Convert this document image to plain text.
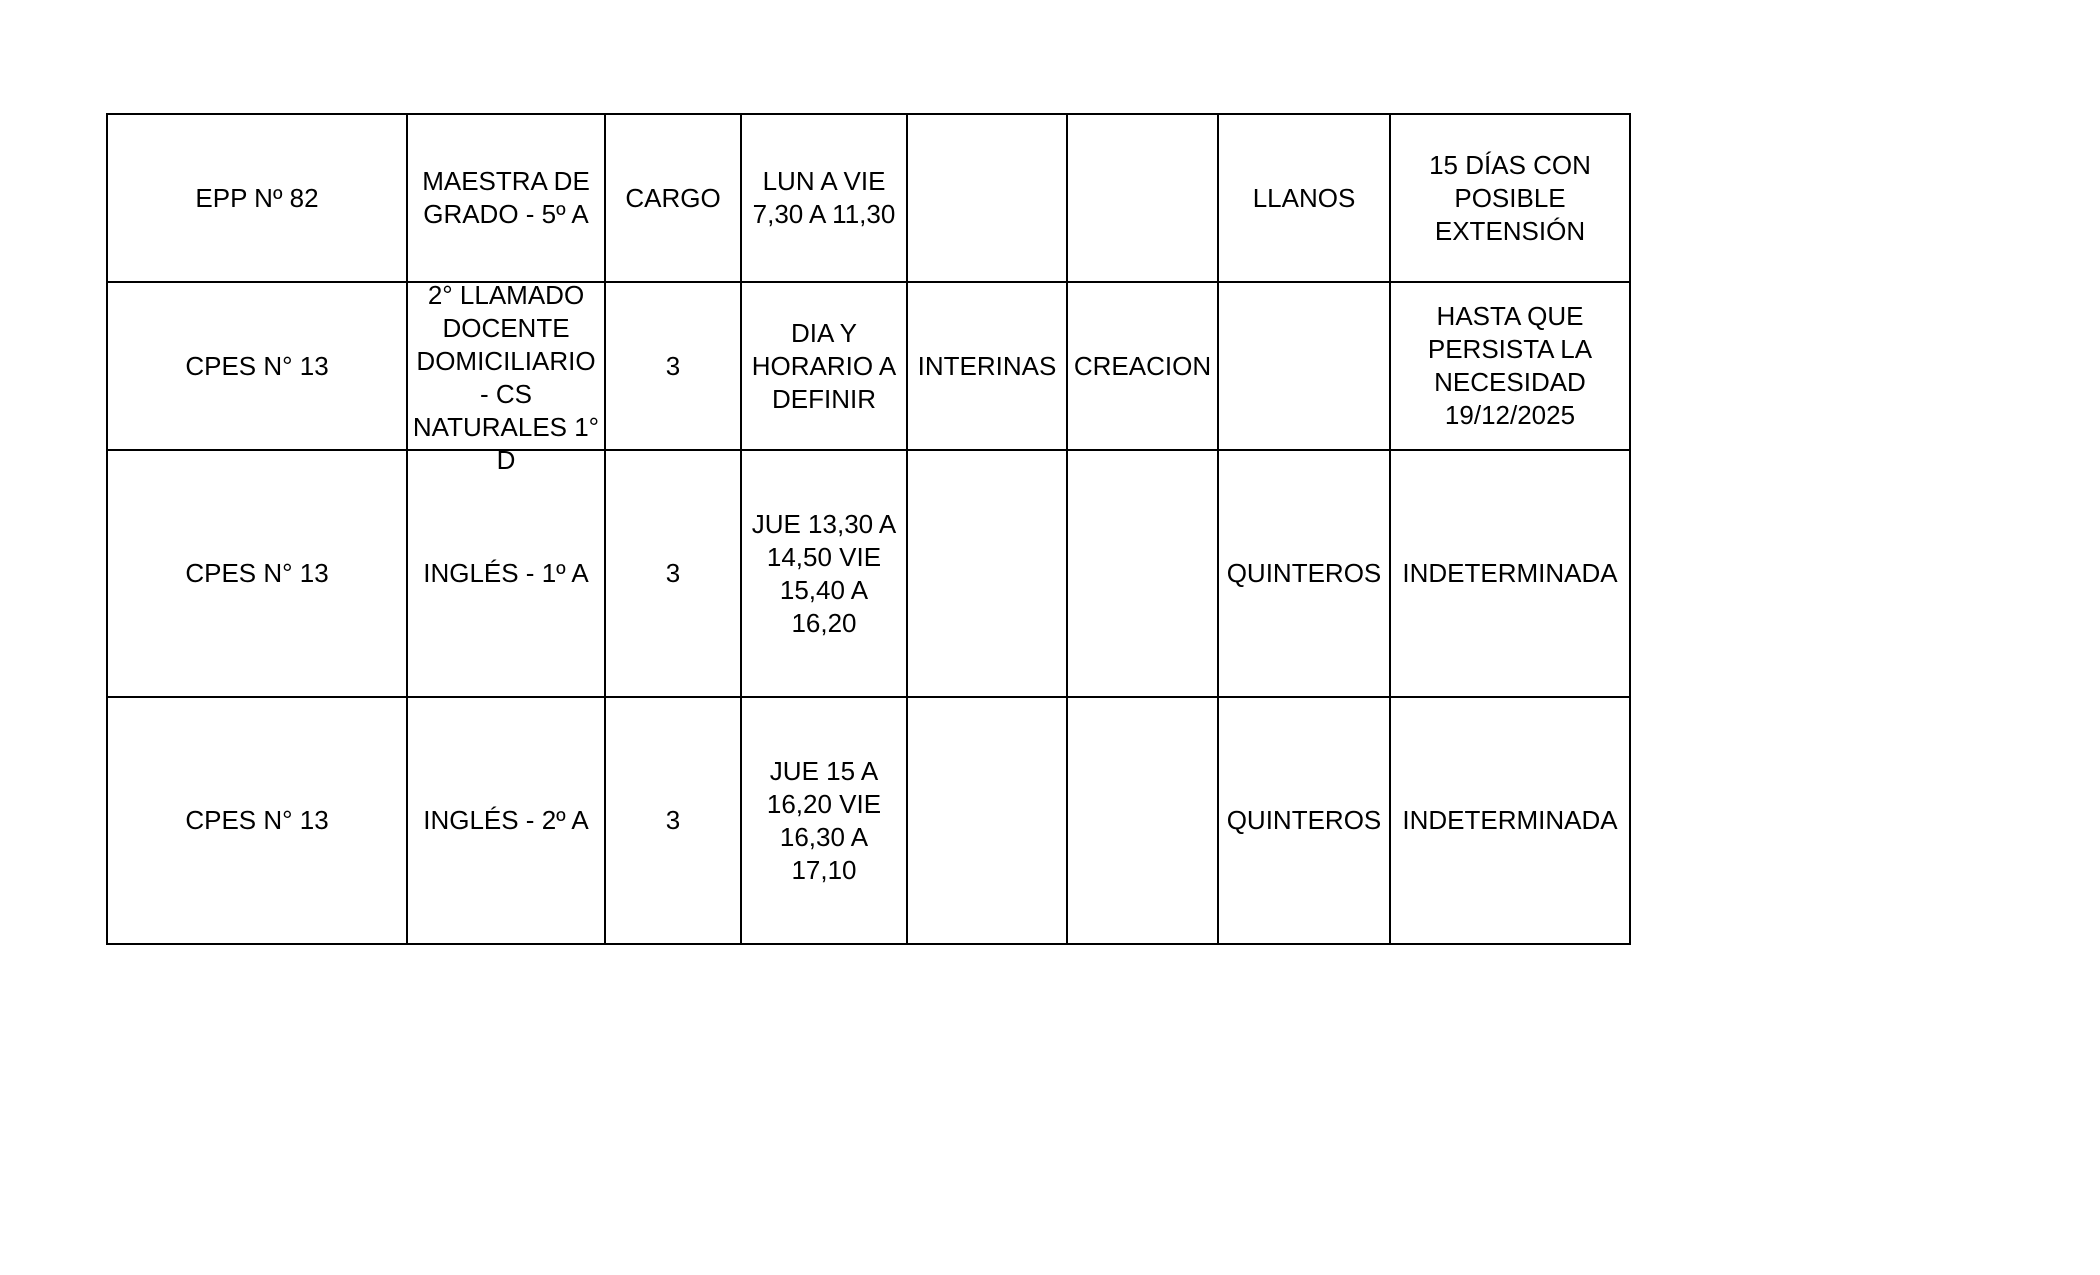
EPP Nº 82	MAESTRA DE GRADO - 5º A	CARGO	LUN A VIE 7,30 A 11,30			LLANOS	15 DÍAS CON POSIBLE EXTENSIÓN
CPES N° 13	2° LLAMADO DOCENTE DOMICILIARIO - CS NATURALES 1° D	3	DIA Y HORARIO A DEFINIR	INTERINAS	CREACION		HASTA QUE PERSISTA LA NECESIDAD 19/12/2025
CPES N° 13	INGLÉS - 1º A	3	JUE 13,30 A 14,50 VIE 15,40 A 16,20			QUINTEROS	INDETERMINADA
CPES N° 13	INGLÉS - 2º A	3	JUE 15 A 16,20 VIE 16,30 A 17,10			QUINTEROS	INDETERMINADA
